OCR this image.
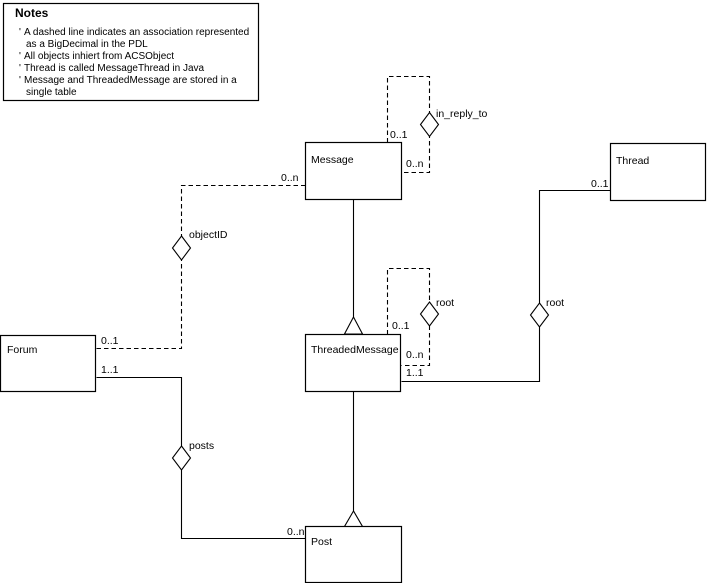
Message	Thread
ThreadedMessage
Forum
Post
in_reply_to
0..1
0..n
objectID
0..1
0..n
root
0..1
0..n
root
0..1
1..1
posts
1..1
0..n
Notes
' A dashed line indicates an association represented
as a BigDecimal in the PDL
' All objects inhiert from ACSObject
' Thread is called MessageThread in Java
' Message and ThreadedMessage are stored in a
single table
